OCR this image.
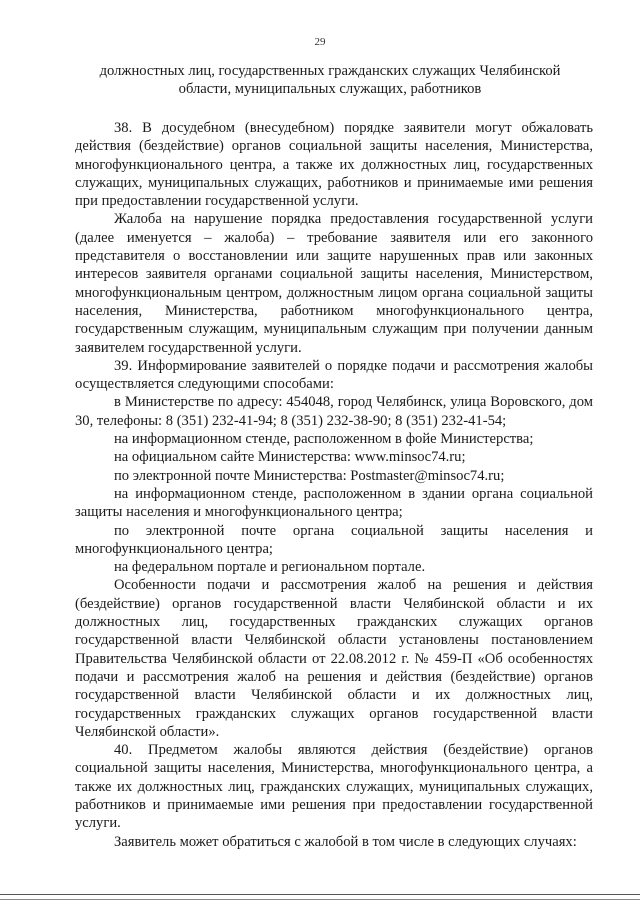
29
должностных лиц, государственных гражданских служащих Челябинской области, муниципальных служащих, работников

38. В досудебном (внесудебном) порядке заявители могут обжаловать действия (бездействие) органов социальной защиты населения, Министерства, многофункционального центра, а также их должностных лиц, государственных служащих, муниципальных служащих, работников и принимаемые ими решения при предоставлении государственной услуги.

Жалоба на нарушение порядка предоставления государственной услуги (далее именуется – жалоба) – требование заявителя или его законного представителя о восстановлении или защите нарушенных прав или законных интересов заявителя органами социальной защиты населения, Министерством, многофункциональным центром, должностным лицом органа социальной защиты населения, Министерства, работником многофункционального центра, государственным служащим, муниципальным служащим при получении данным заявителем государственной услуги.

39. Информирование заявителей о порядке подачи и рассмотрения жалобы осуществляется следующими способами:

в Министерстве по адресу: 454048, город Челябинск, улица Воровского, дом 30, телефоны: 8 (351) 232-41-94; 8 (351) 232-38-90; 8 (351) 232-41-54;

на информационном стенде, расположенном в фойе Министерства;

на официальном сайте Министерства: www.minsoc74.ru;

по электронной почте Министерства: Postmaster@minsoc74.ru;

на информационном стенде, расположенном в здании органа социальной защиты населения и многофункционального центра;

по электронной почте органа социальной защиты населения и многофункционального центра;

на федеральном портале и региональном портале.

Особенности подачи и рассмотрения жалоб на решения и действия (бездействие) органов государственной власти Челябинской области и их должностных лиц, государственных гражданских служащих органов государственной власти Челябинской области установлены постановлением Правительства Челябинской области от 22.08.2012 г. № 459-П «Об особенностях подачи и рассмотрения жалоб на решения и действия (бездействие) органов государственной власти Челябинской области и их должностных лиц, государственных гражданских служащих органов государственной власти Челябинской области».

40. Предметом жалобы являются действия (бездействие) органов социальной защиты населения, Министерства, многофункционального центра, а также их должностных лиц, гражданских служащих, муниципальных служащих, работников и принимаемые ими решения при предоставлении государственной услуги.

Заявитель может обратиться с жалобой в том числе в следующих случаях:
